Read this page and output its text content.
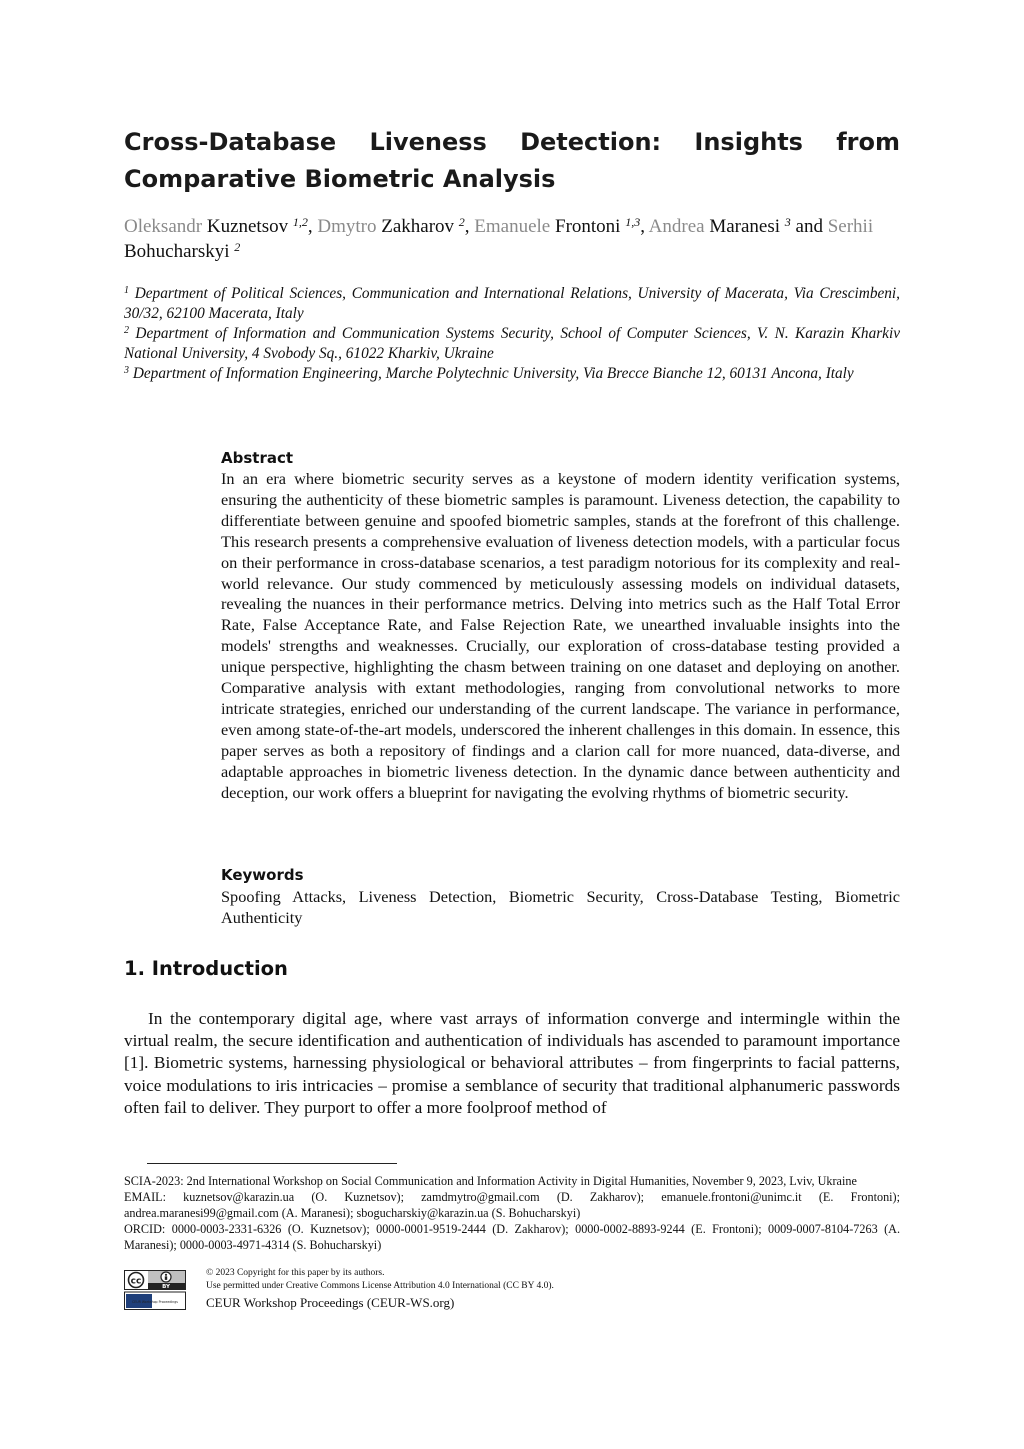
Cross-Database Liveness Detection: Insights from Comparative Biometric Analysis

Oleksandr Kuznetsov $^{1,2}$, Dmytro Zakharov $^2$, Emanuele Frontoni $^{1,3}$, Andrea Maranesi $^3$ and Serhii Bohucharskyi $^2$

$^1$ Department of Political Sciences, Communication and International Relations, University of Macerata, Via Crescimbeni, 30/32, 62100 Macerata, Italy

$^2$ Department of Information and Communication Systems Security, School of Computer Sciences, V. N. Karazin Kharkiv National University, 4 Svobody Sq., 61022 Kharkiv, Ukraine

$^3$ Department of Information Engineering, Marche Polytechnic University, Via Brecce Bianche 12, 60131 Ancona, Italy

Abstract

In an era where biometric security serves as a keystone of modern identity verification systems, ensuring the authenticity of these biometric samples is paramount. Liveness detection, the capability to differentiate between genuine and spoofed biometric samples, stands at the forefront of this challenge. This research presents a comprehensive evaluation of liveness detection models, with a particular focus on their performance in cross-database scenarios, a test paradigm notorious for its complexity and real-world relevance. Our study commenced by meticulously assessing models on individual datasets, revealing the nuances in their performance metrics. Delving into metrics such as the Half Total Error Rate, False Acceptance Rate, and False Rejection Rate, we unearthed invaluable insights into the models' strengths and weaknesses. Crucially, our exploration of cross-database testing provided a unique perspective, highlighting the chasm between training on one dataset and deploying on another. Comparative analysis with extant methodologies, ranging from convolutional networks to more intricate strategies, enriched our understanding of the current landscape. The variance in performance, even among state-of-the-art models, underscored the inherent challenges in this domain. In essence, this paper serves as both a repository of findings and a clarion call for more nuanced, data-diverse, and adaptable approaches in biometric liveness detection. In the dynamic dance between authenticity and deception, our work offers a blueprint for navigating the evolving rhythms of biometric security.

Keywords

Spoofing Attacks, Liveness Detection, Biometric Security, Cross-Database Testing, Biometric Authenticity

1. Introduction

In the contemporary digital age, where vast arrays of information converge and intermingle within the virtual realm, the secure identification and authentication of individuals has ascended to paramount importance [1]. Biometric systems, harnessing physiological or behavioral attributes – from fingerprints to facial patterns, voice modulations to iris intricacies – promise a semblance of security that traditional alphanumeric passwords often fail to deliver. They purport to offer a more foolproof method of

SCIA-2023: 2nd International Workshop on Social Communication and Information Activity in Digital Humanities, November 9, 2023, Lviv, Ukraine

EMAIL: kuznetsov@karazin.ua (O. Kuznetsov); zamdmytro@gmail.com (D. Zakharov); emanuele.frontoni@unimc.it (E. Frontoni); andrea.maranesi99@gmail.com (A. Maranesi); sbogucharskiy@karazin.ua (S. Bohucharskyi)

ORCID: 0000-0003-2331-6326 (O. Kuznetsov); 0000-0001-9519-2444 (D. Zakharov); 0000-0002-8893-9244 (E. Frontoni); 0009-0007-8104-7263 (A. Maranesi); 0000-0003-4971-4314 (S. Bohucharskyi)

cc
BY
CEUR Workshop Proceedings

© 2023 Copyright for this paper by its authors.

Use permitted under Creative Commons License Attribution 4.0 International (CC BY 4.0).

CEUR Workshop Proceedings (CEUR-WS.org)
